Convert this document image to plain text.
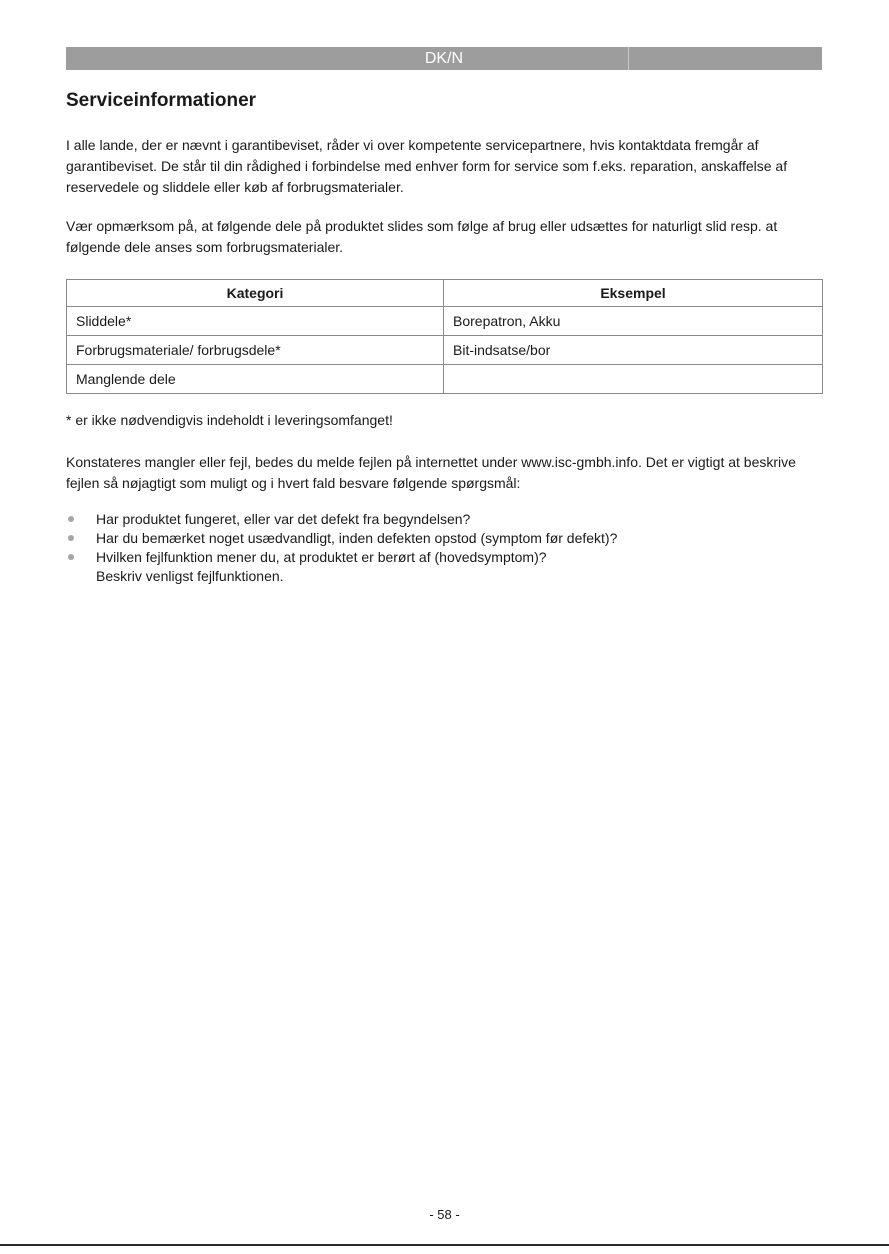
DK/N
Serviceinformationer

I alle lande, der er nævnt i garantibeviset, råder vi over kompetente servicepartnere, hvis kontaktdata fremgår af garantibeviset. De står til din rådighed i forbindelse med enhver form for service som f.eks. reparation, anskaffelse af reservedele og sliddele eller køb af forbrugsmaterialer.

Vær opmærksom på, at følgende dele på produktet slides som følge af brug eller udsættes for naturligt slid resp. at følgende dele anses som forbrugsmaterialer.

Kategori	Eksempel
Sliddele*	Borepatron, Akku
Forbrugsmateriale/ forbrugsdele*	Bit-indsatse/bor
Manglende dele	

* er ikke nødvendigvis indeholdt i leveringsomfanget!

Konstateres mangler eller fejl, bedes du melde fejlen på internettet under www.isc-gmbh.info. Det er vigtigt at beskrive fejlen så nøjagtigt som muligt og i hvert fald besvare følgende spørgsmål:

Har produktet fungeret, eller var det defekt fra begyndelsen?
Har du bemærket noget usædvandligt, inden defekten opstod (symptom før defekt)?
Hvilken fejlfunktion mener du, at produktet er berørt af (hovedsymptom)?
Beskriv venligst fejlfunktionen.
- 58 -
